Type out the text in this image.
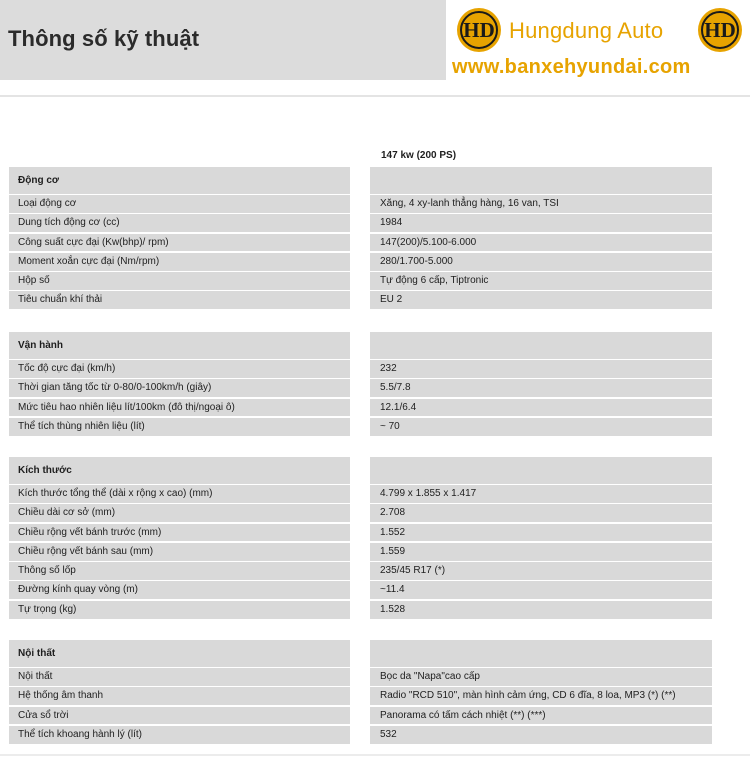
Thông số kỹ thuật	HD Hungdung Auto HD
www.banxehyundai.com
147 kw (200 PS)
Động cơ
Loại động cơ	Xăng, 4 xy-lanh thẳng hàng, 16 van, TSI
Dung tích động cơ (cc)	1984
Công suất cực đại (Kw(bhp)/ rpm)	147(200)/5.100-6.000
Moment xoắn cực đại (Nm/rpm)	280/1.700-5.000
Hộp số	Tự động 6 cấp, Tiptronic
Tiêu chuẩn khí thải	EU 2
Vận hành
Tốc độ cực đại (km/h)	232
Thời gian tăng tốc từ 0-80/0-100km/h (giây)	5.5/7.8
Mức tiêu hao nhiên liệu lít/100km (đô thị/ngoại ô)	12.1/6.4
Thể tích thùng nhiên liệu (lít)	~ 70
Kích thước
Kích thước tổng thể (dài x rộng x cao) (mm)	4.799 x 1.855 x 1.417
Chiều dài cơ sở (mm)	2.708
Chiều rộng vết bánh trước (mm)	1.552
Chiều rộng vết bánh sau (mm)	1.559
Thông số lốp	235/45 R17 (*)
Đường kính quay vòng (m)	~11.4
Tự trọng (kg)	1.528
Nội thất
Nội thất	Bọc da "Napa"cao cấp
Hệ thống âm thanh	Radio "RCD 510", màn hình cảm ứng, CD 6 đĩa, 8 loa, MP3 (*) (**)
Cửa sổ trời	Panorama có tấm cách nhiệt (**) (***)
Thể tích khoang hành lý (lít)	532
